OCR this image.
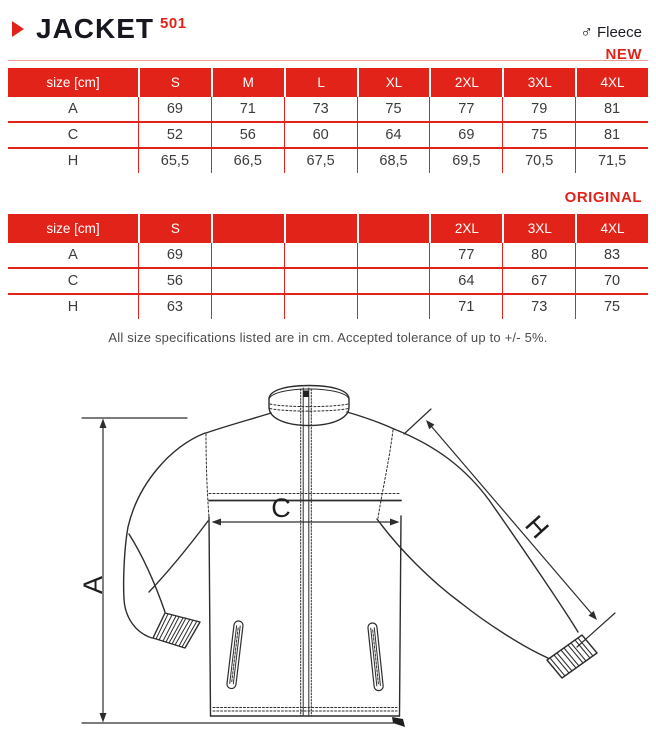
JACKET 501	♂ Fleece
NEW
size [cm]	S	M	L	XL	2XL	3XL	4XL
A	69	71	73	75	77	79	81
C	52	56	60	64	69	75	81
H	65,5	66,5	67,5	68,5	69,5	70,5	71,5
ORIGINAL
size [cm]	S	2XL	3XL	4XL
A	69	77	80	83
C	56	64	67	70
H	63	71	73	75
All size specifications listed are in cm. Accepted tolerance of up to +/- 5%.
A
C
H
